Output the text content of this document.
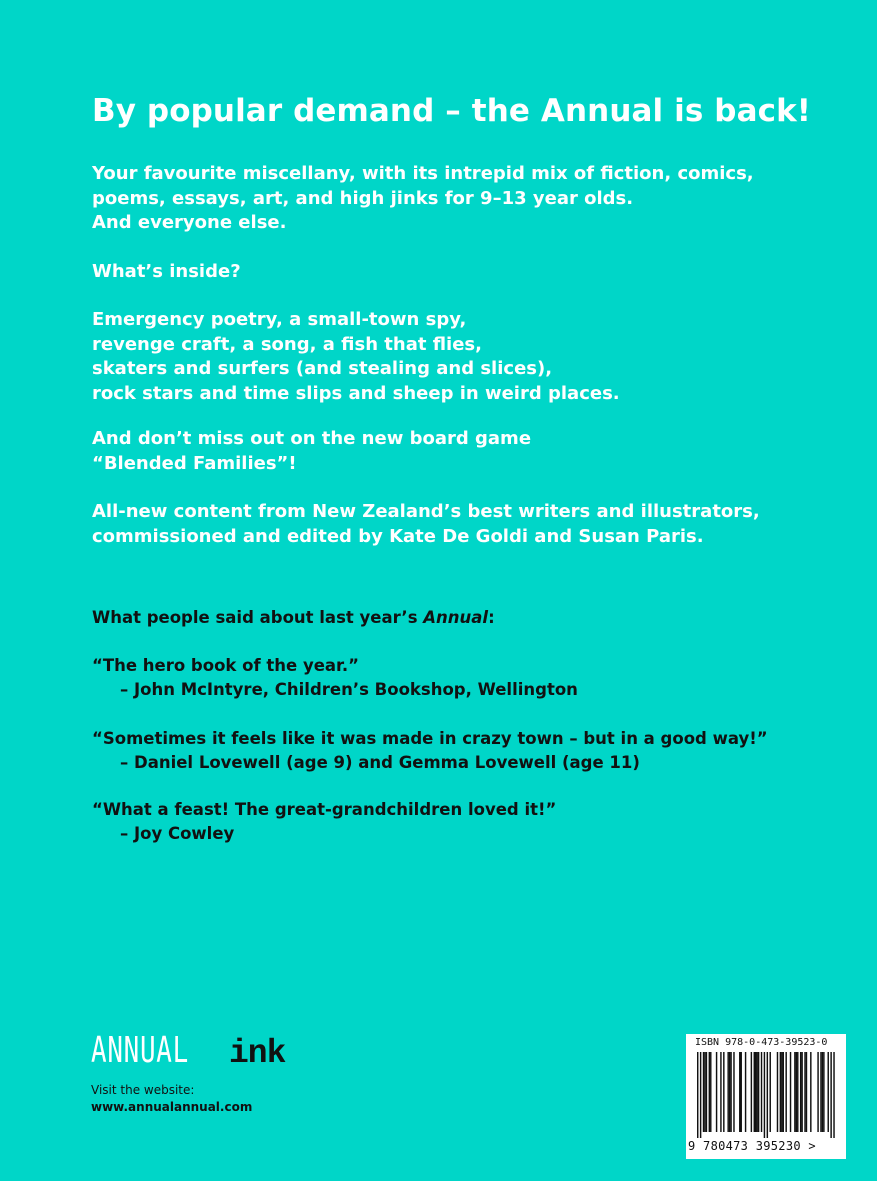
By popular demand – the Annual is back!

Your favourite miscellany, with its intrepid mix of fiction, comics,
poems, essays, art, and high jinks for 9–13 year olds.
And everyone else.

What’s inside?

Emergency poetry, a small-town spy,
revenge craft, a song, a fish that flies,
skaters and surfers (and stealing and slices),
rock stars and time slips and sheep in weird places.

And don’t miss out on the new board game
“Blended Families”!

All-new content from New Zealand’s best writers and illustrators,
commissioned and edited by Kate De Goldi and Susan Paris.

What people said about last year’s Annual:
“The hero book of the year.”
– John McIntyre, Children’s Bookshop, Wellington
“Sometimes it feels like it was made in crazy town – but in a good way!”
– Daniel Lovewell (age 9) and Gemma Lovewell (age 11)
“What a feast! The great-grandchildren loved it!”
– Joy Cowley
ANNUAL ink
Visit the website:
www.annualannual.com
ISBN 978-0-473-39523-0
9 780473 395230 >
